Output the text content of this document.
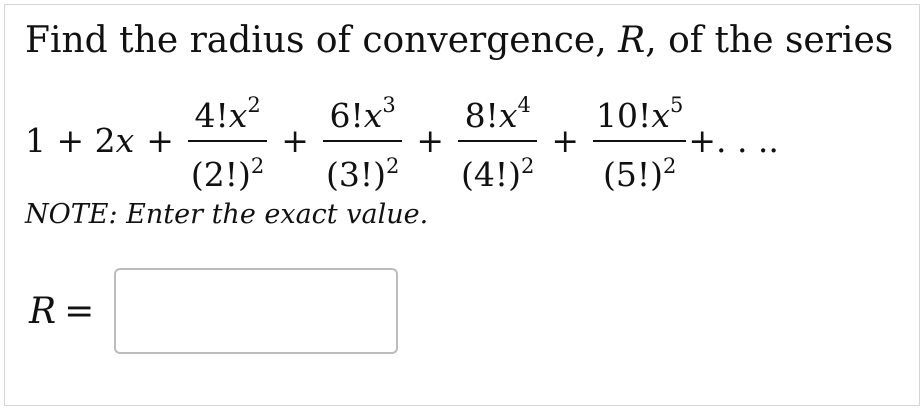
Find the radius of convergence, R, of the series
1 + 2 $x + \frac{4!x^2}{(2!)^2} + \frac{6!x^3}{(3!)^2} + \frac{8!x^4}{(4!)^2} + \frac{10!x^5}{(5!)^2}$ +. . ..
NOTE: Enter the exact value.
R =
